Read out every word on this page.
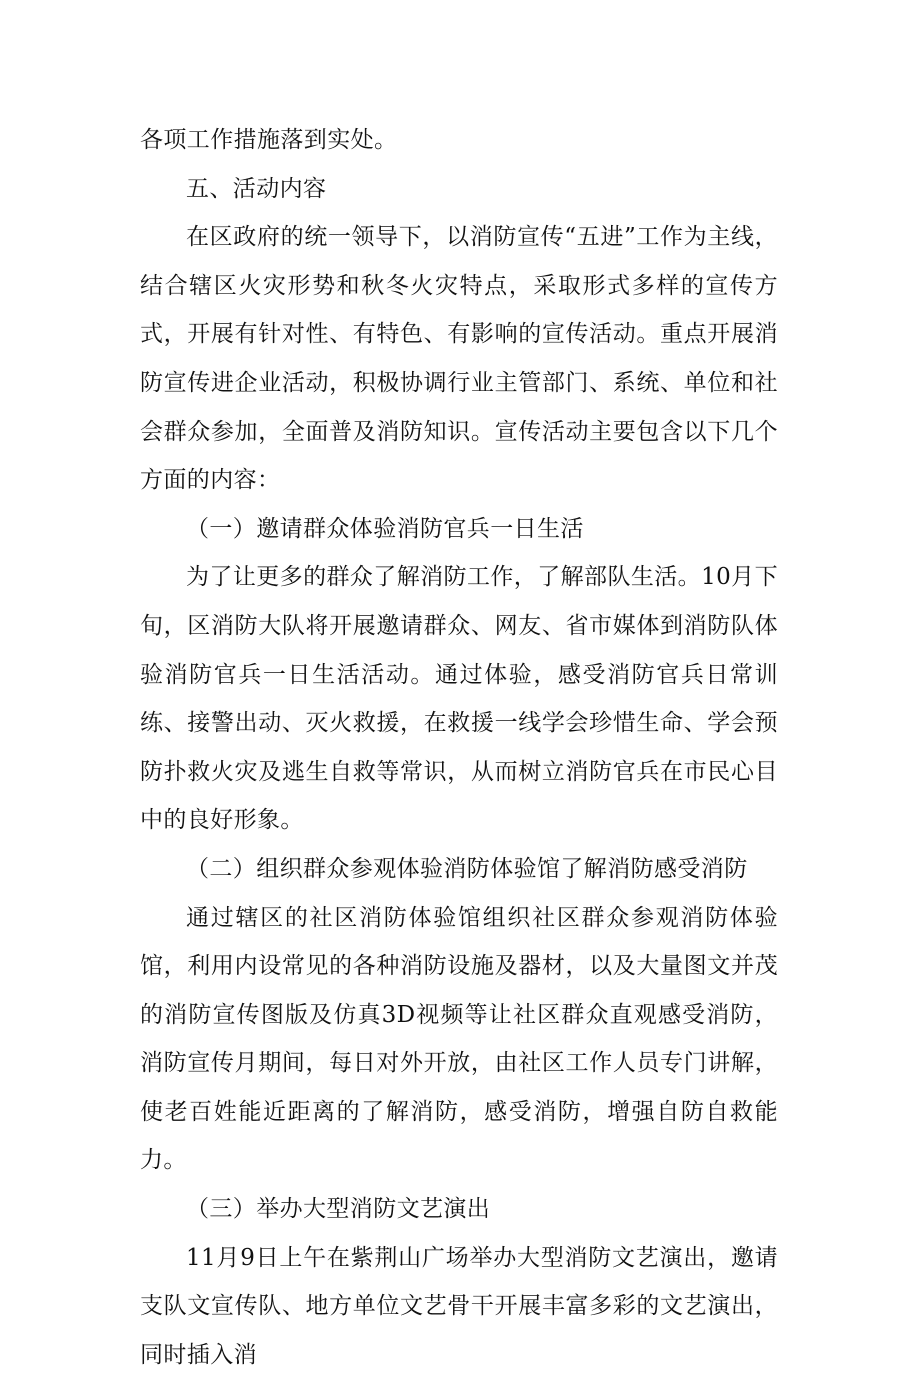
各项工作措施落到实处。

五、活动内容

在区政府的统一领导下，以消防宣传“五进”工作为主线，结合辖区火灾形势和秋冬火灾特点，采取形式多样的宣传方式，开展有针对性、有特色、有影响的宣传活动。重点开展消防宣传进企业活动，积极协调行业主管部门、系统、单位和社会群众参加，全面普及消防知识。宣传活动主要包含以下几个方面的内容：

（一）邀请群众体验消防官兵一日生活

为了让更多的群众了解消防工作，了解部队生活。10月下旬，区消防大队将开展邀请群众、网友、省市媒体到消防队体验消防官兵一日生活活动。通过体验，感受消防官兵日常训练、接警出动、灭火救援，在救援一线学会珍惜生命、学会预防扑救火灾及逃生自救等常识，从而树立消防官兵在市民心目中的良好形象。

（二）组织群众参观体验消防体验馆了解消防感受消防

通过辖区的社区消防体验馆组织社区群众参观消防体验馆，利用内设常见的各种消防设施及器材，以及大量图文并茂的消防宣传图版及仿真3D视频等让社区群众直观感受消防，消防宣传月期间，每日对外开放，由社区工作人员专门讲解，使老百姓能近距离的了解消防，感受消防，增强自防自救能力。

（三）举办大型消防文艺演出

11月9日上午在紫荆山广场举办大型消防文艺演出，邀请支队文宣传队、地方单位文艺骨干开展丰富多彩的文艺演出，同时插入消
